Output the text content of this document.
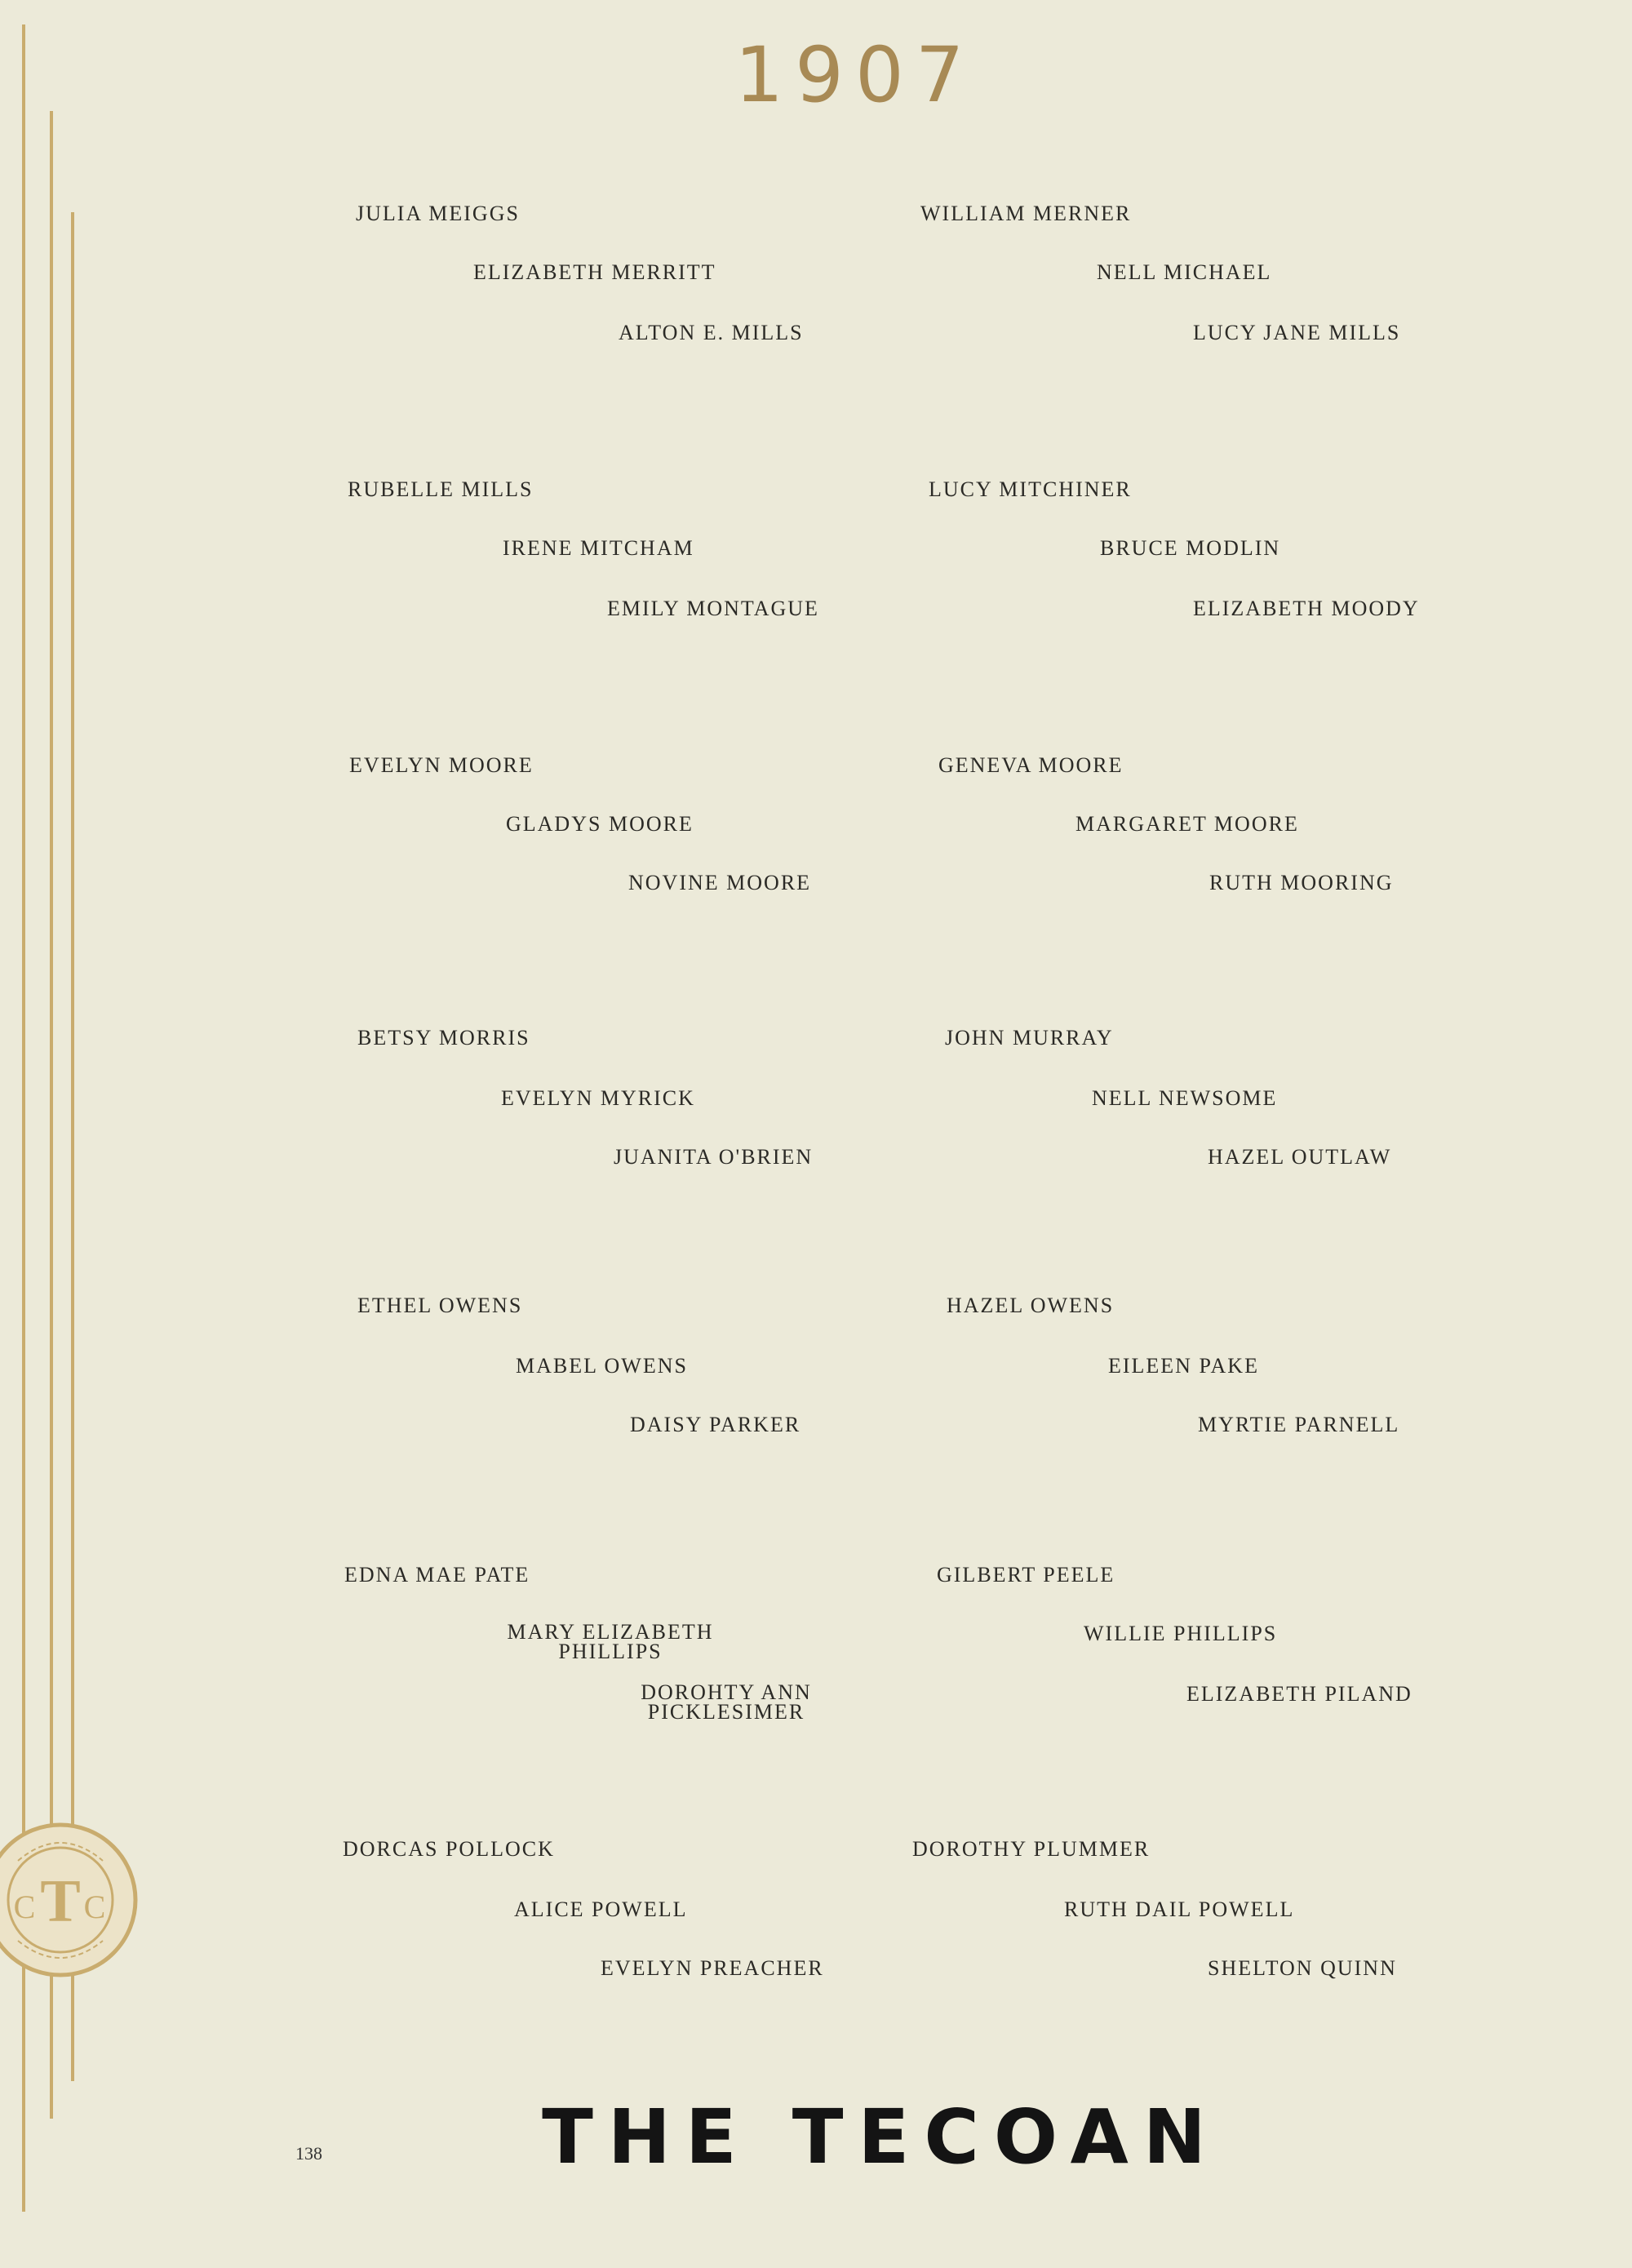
1907
JULIA MEIGGS
ELIZABETH MERRITT
ALTON E. MILLS
WILLIAM MERNER
NELL MICHAEL
LUCY JANE MILLS
RUBELLE MILLS
IRENE MITCHAM
EMILY MONTAGUE
LUCY MITCHINER
BRUCE MODLIN
ELIZABETH MOODY
EVELYN MOORE
GLADYS MOORE
NOVINE MOORE
GENEVA MOORE
MARGARET MOORE
RUTH MOORING
BETSY MORRIS
EVELYN MYRICK
JUANITA O'BRIEN
JOHN MURRAY
NELL NEWSOME
HAZEL OUTLAW
ETHEL OWENS
MABEL OWENS
DAISY PARKER
HAZEL OWENS
EILEEN PAKE
MYRTIE PARNELL
EDNA MAE PATE
MARY ELIZABETH
PHILLIPS
DOROHTY ANN
PICKLESIMER
GILBERT PEELE
WILLIE PHILLIPS
ELIZABETH PILAND
DORCAS POLLOCK
ALICE POWELL
EVELYN PREACHER
DOROTHY PLUMMER
RUTH DAIL POWELL
SHELTON QUINN
T
C C
138	THE TECOAN
